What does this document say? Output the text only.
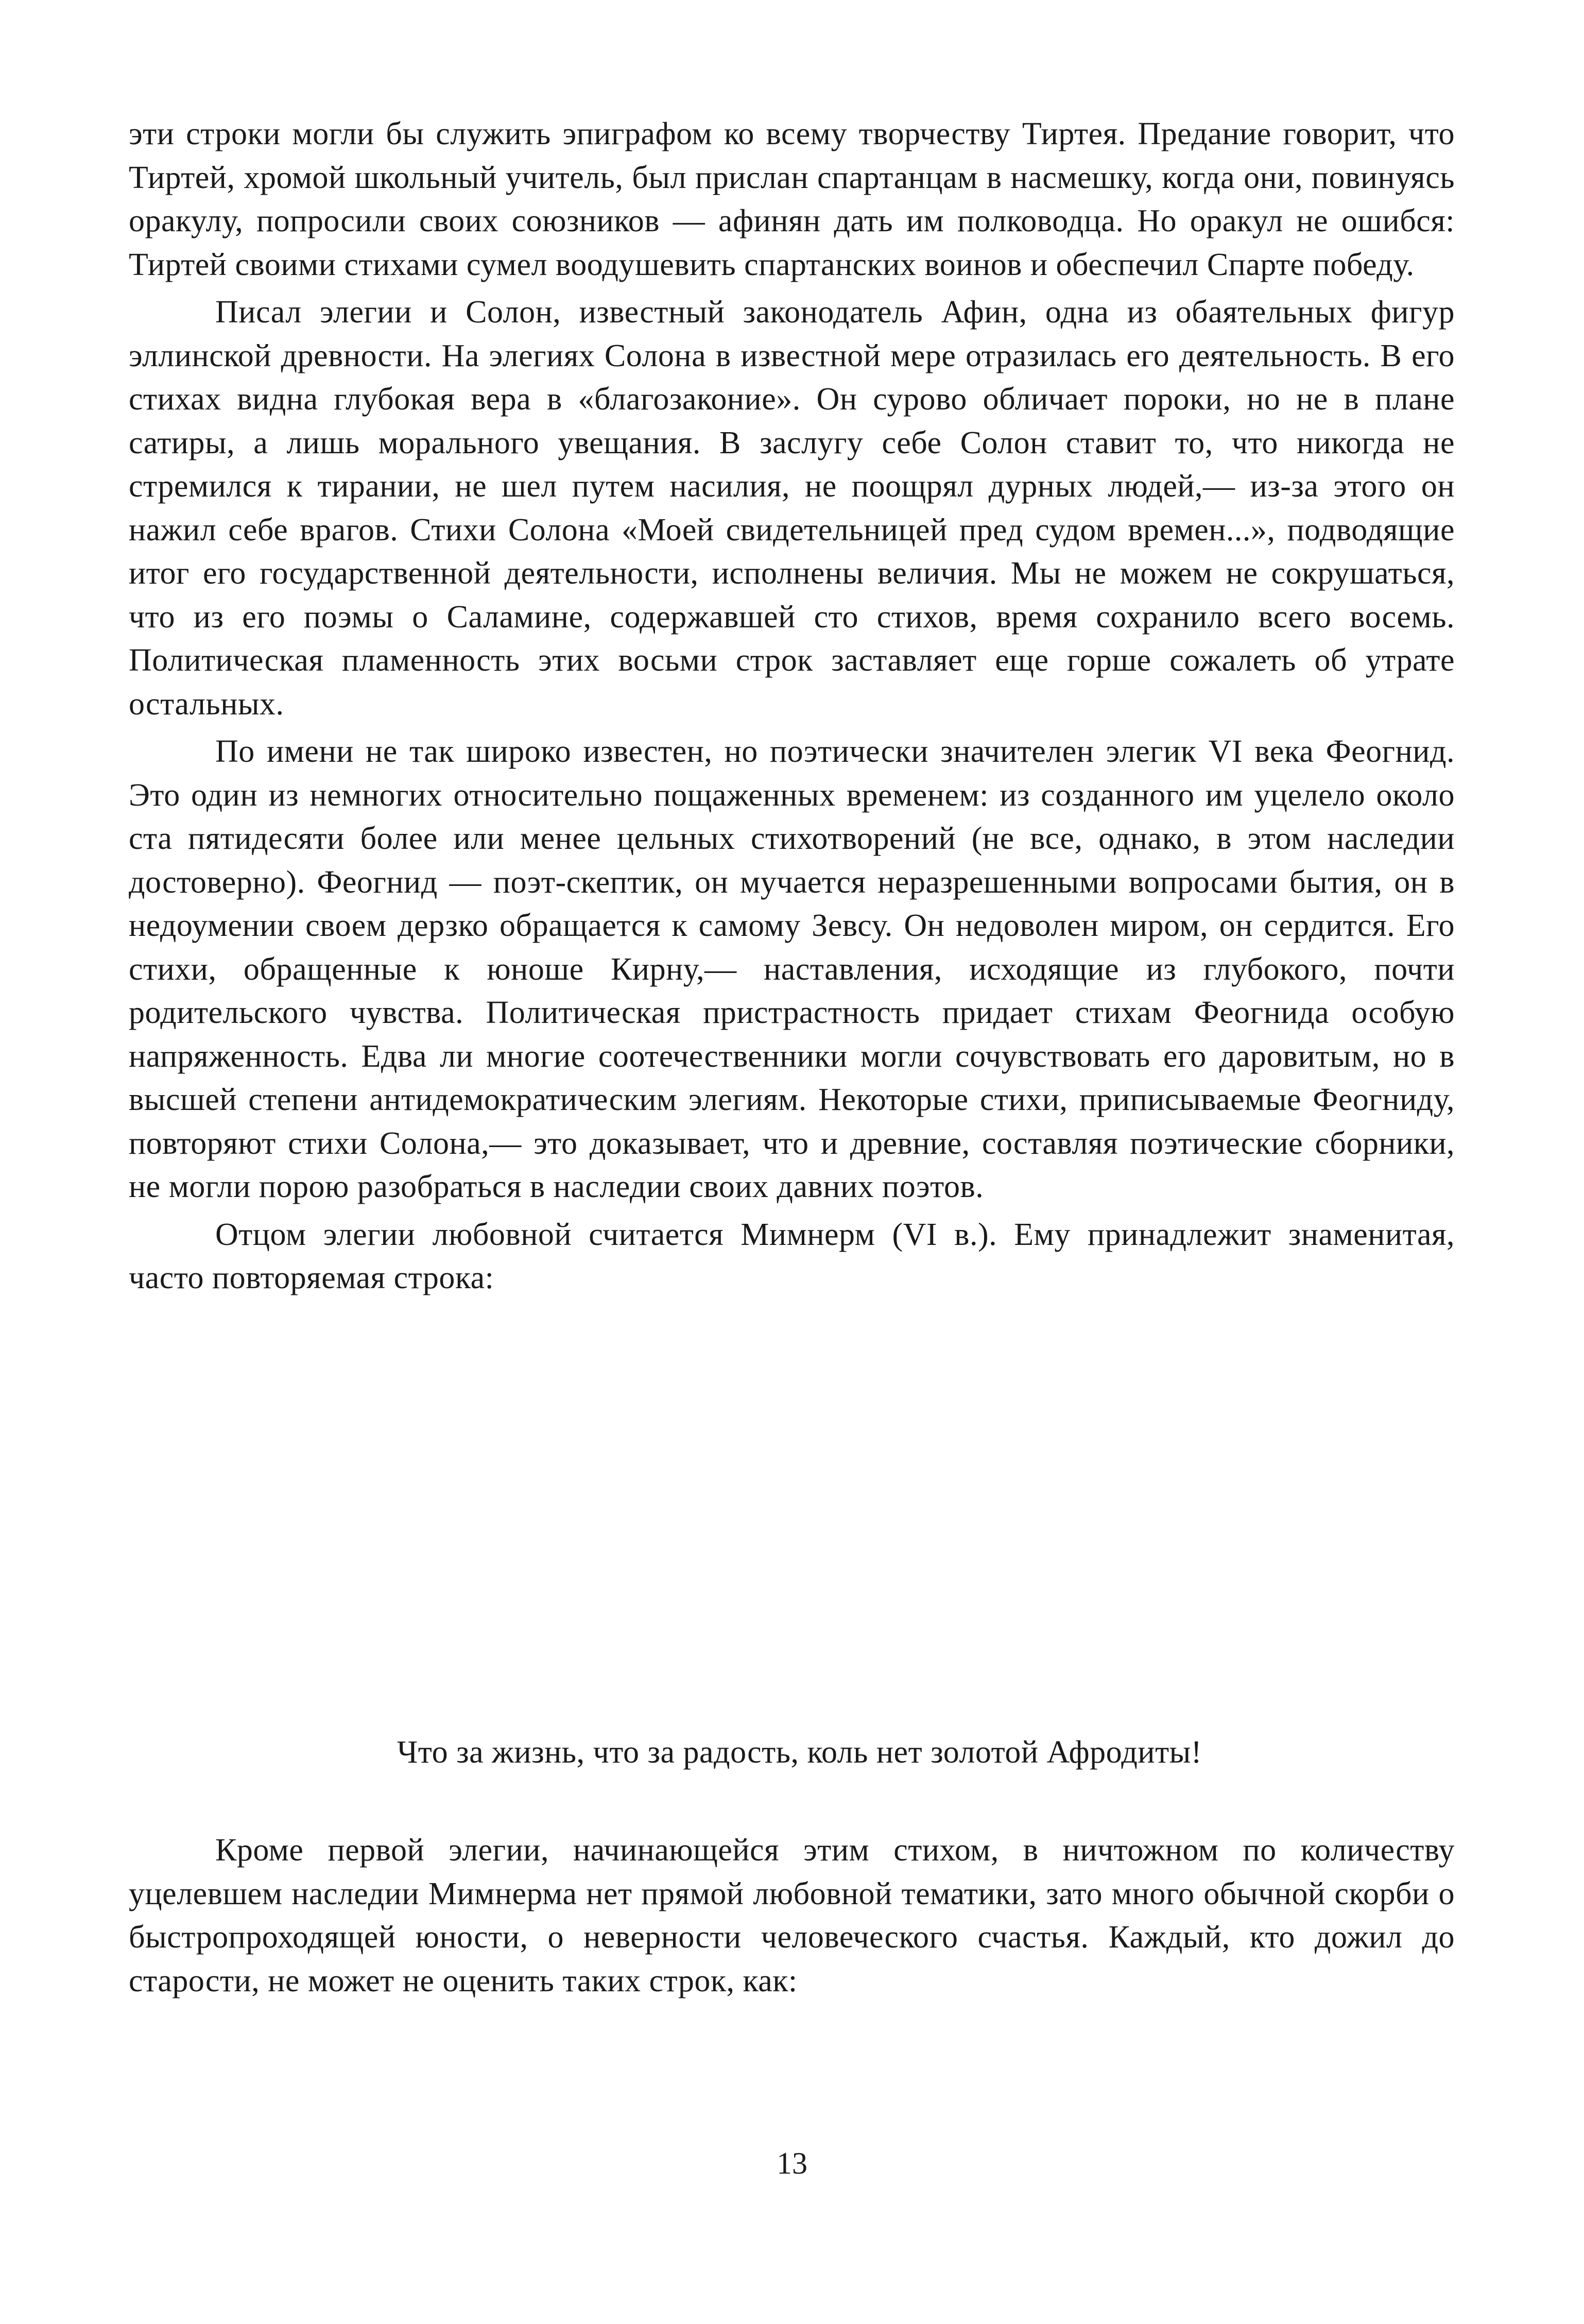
эти строки могли бы служить эпиграфом ко всему творчеству Тиртея. Предание говорит, что Тиртей, хромой школьный учитель, был прислан спартанцам в насмешку, когда они, повинуясь оракулу, попросили своих союзников — афинян дать им полководца. Но оракул не ошибся: Тиртей своими стихами сумел воодушевить спартанских воинов и обеспечил Спарте победу.

Писал элегии и Солон, известный законодатель Афин, одна из обаятельных фигур эллинской древности. На элегиях Солона в известной мере отразилась его деятельность. В его стихах видна глубокая вера в «благозаконие». Он сурово обличает пороки, но не в плане сатиры, а лишь морального увещания. В заслугу себе Солон ставит то, что никогда не стремился к тирании, не шел путем насилия, не поощрял дурных людей,— из-за этого он нажил себе врагов. Стихи Солона «Моей свидетельницей пред судом времен...», подводящие итог его государственной деятельности, исполнены величия. Мы не можем не сокрушаться, что из его поэмы о Саламине, содержавшей сто стихов, время сохранило всего восемь. Политическая пламенность этих восьми строк заставляет еще горше сожалеть об утрате остальных.

По имени не так широко известен, но поэтически значителен элегик VI века Феогнид. Это один из немногих относительно пощаженных временем: из созданного им уцелело около ста пятидесяти более или менее цельных стихотворений (не все, однако, в этом наследии достоверно). Феогнид — поэт-скептик, он мучается неразрешенными вопросами бытия, он в недоумении своем дерзко обращается к самому Зевсу. Он недоволен миром, он сердится. Его стихи, обращенные к юноше Кирну,— наставления, исходящие из глубокого, почти родительского чувства. Политическая пристрастность придает стихам Феогнида особую напряженность. Едва ли многие соотечественники могли сочувствовать его даровитым, но в высшей степени антидемократическим элегиям. Некоторые стихи, приписываемые Феогниду, повторяют стихи Солона,— это доказывает, что и древние, составляя поэтические сборники, не могли порою разобраться в наследии своих давних поэтов.

Отцом элегии любовной считается Мимнерм (VI в.). Ему принадлежит знаменитая, часто повторяемая строка:

Что за жизнь, что за радость, коль нет золотой Афродиты!

Кроме первой элегии, начинающейся этим стихом, в ничтожном по количеству уцелевшем наследии Мимнерма нет прямой любовной тематики, зато много обычной скорби о быстропроходящей юности, о неверности человеческого счастья. Каждый, кто дожил до старости, не может не оценить таких строк, как:

13
